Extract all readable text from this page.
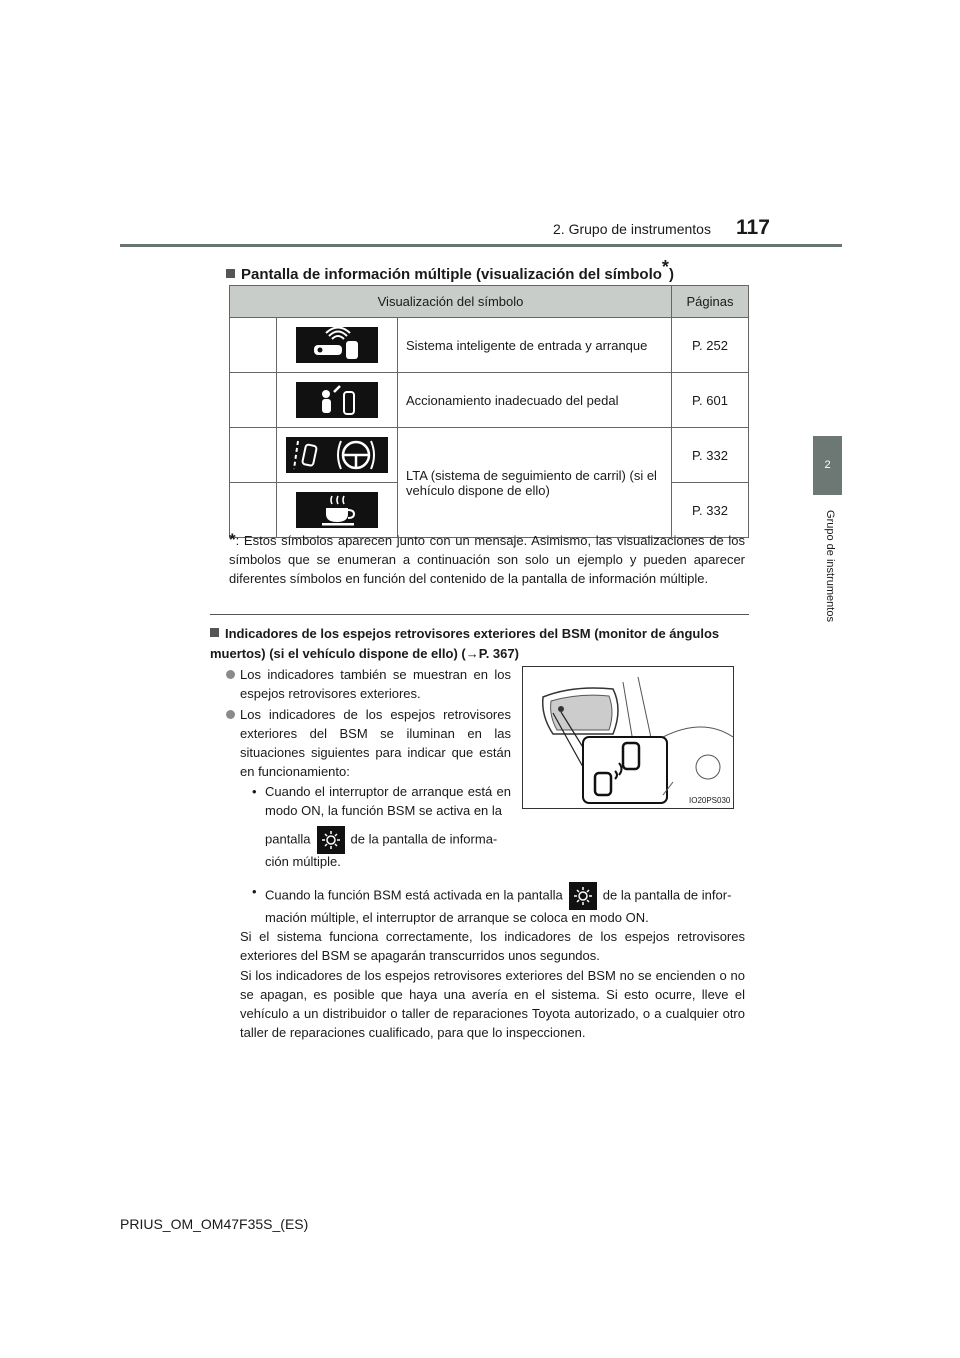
2. Grupo de instrumentos 117
2
Grupo de instrumentos
Pantalla de información múltiple (visualización del símbolo*)
Visualización del símbolo			Páginas

	Sistema inteligente de entrada y arranque	P. 252

	Accionamiento inadecuado del pedal	P. 601

	LTA (sistema de seguimiento de carril) (si el vehículo dispone de ello)	P. 332

	P. 332
*: Estos símbolos aparecen junto con un mensaje. Asimismo, las visualizaciones de los símbolos que se enumeran a continuación son solo un ejemplo y pueden aparecer diferentes símbolos en función del contenido de la pantalla de información múltiple.
Indicadores de los espejos retrovisores exteriores del BSM (monitor de ángulos muertos) (si el vehículo dispone de ello) (→P. 367)
Los indicadores también se muestran en los espejos retrovisores exteriores.
Los indicadores de los espejos retrovisores exteriores del BSM se iluminan en las situaciones siguientes para indicar que están en funcionamiento:
• Cuando el interruptor de arranque está en modo ON, la función BSM se activa en la
pantalla	de la pantalla de informa-
ción múltiple.
IO20PS030
• Cuando la función BSM está activada en la pantalla	de la pantalla de infor-
mación múltiple, el interruptor de arranque se coloca en modo ON.
Si el sistema funciona correctamente, los indicadores de los espejos retrovisores exteriores del BSM se apagarán transcurridos unos segundos.
Si los indicadores de los espejos retrovisores exteriores del BSM no se encienden o no se apagan, es posible que haya una avería en el sistema. Si esto ocurre, lleve el vehículo a un distribuidor o taller de reparaciones Toyota autorizado, o a cualquier otro taller de reparaciones cualificado, para que lo inspeccionen.
PRIUS_OM_OM47F35S_(ES)
